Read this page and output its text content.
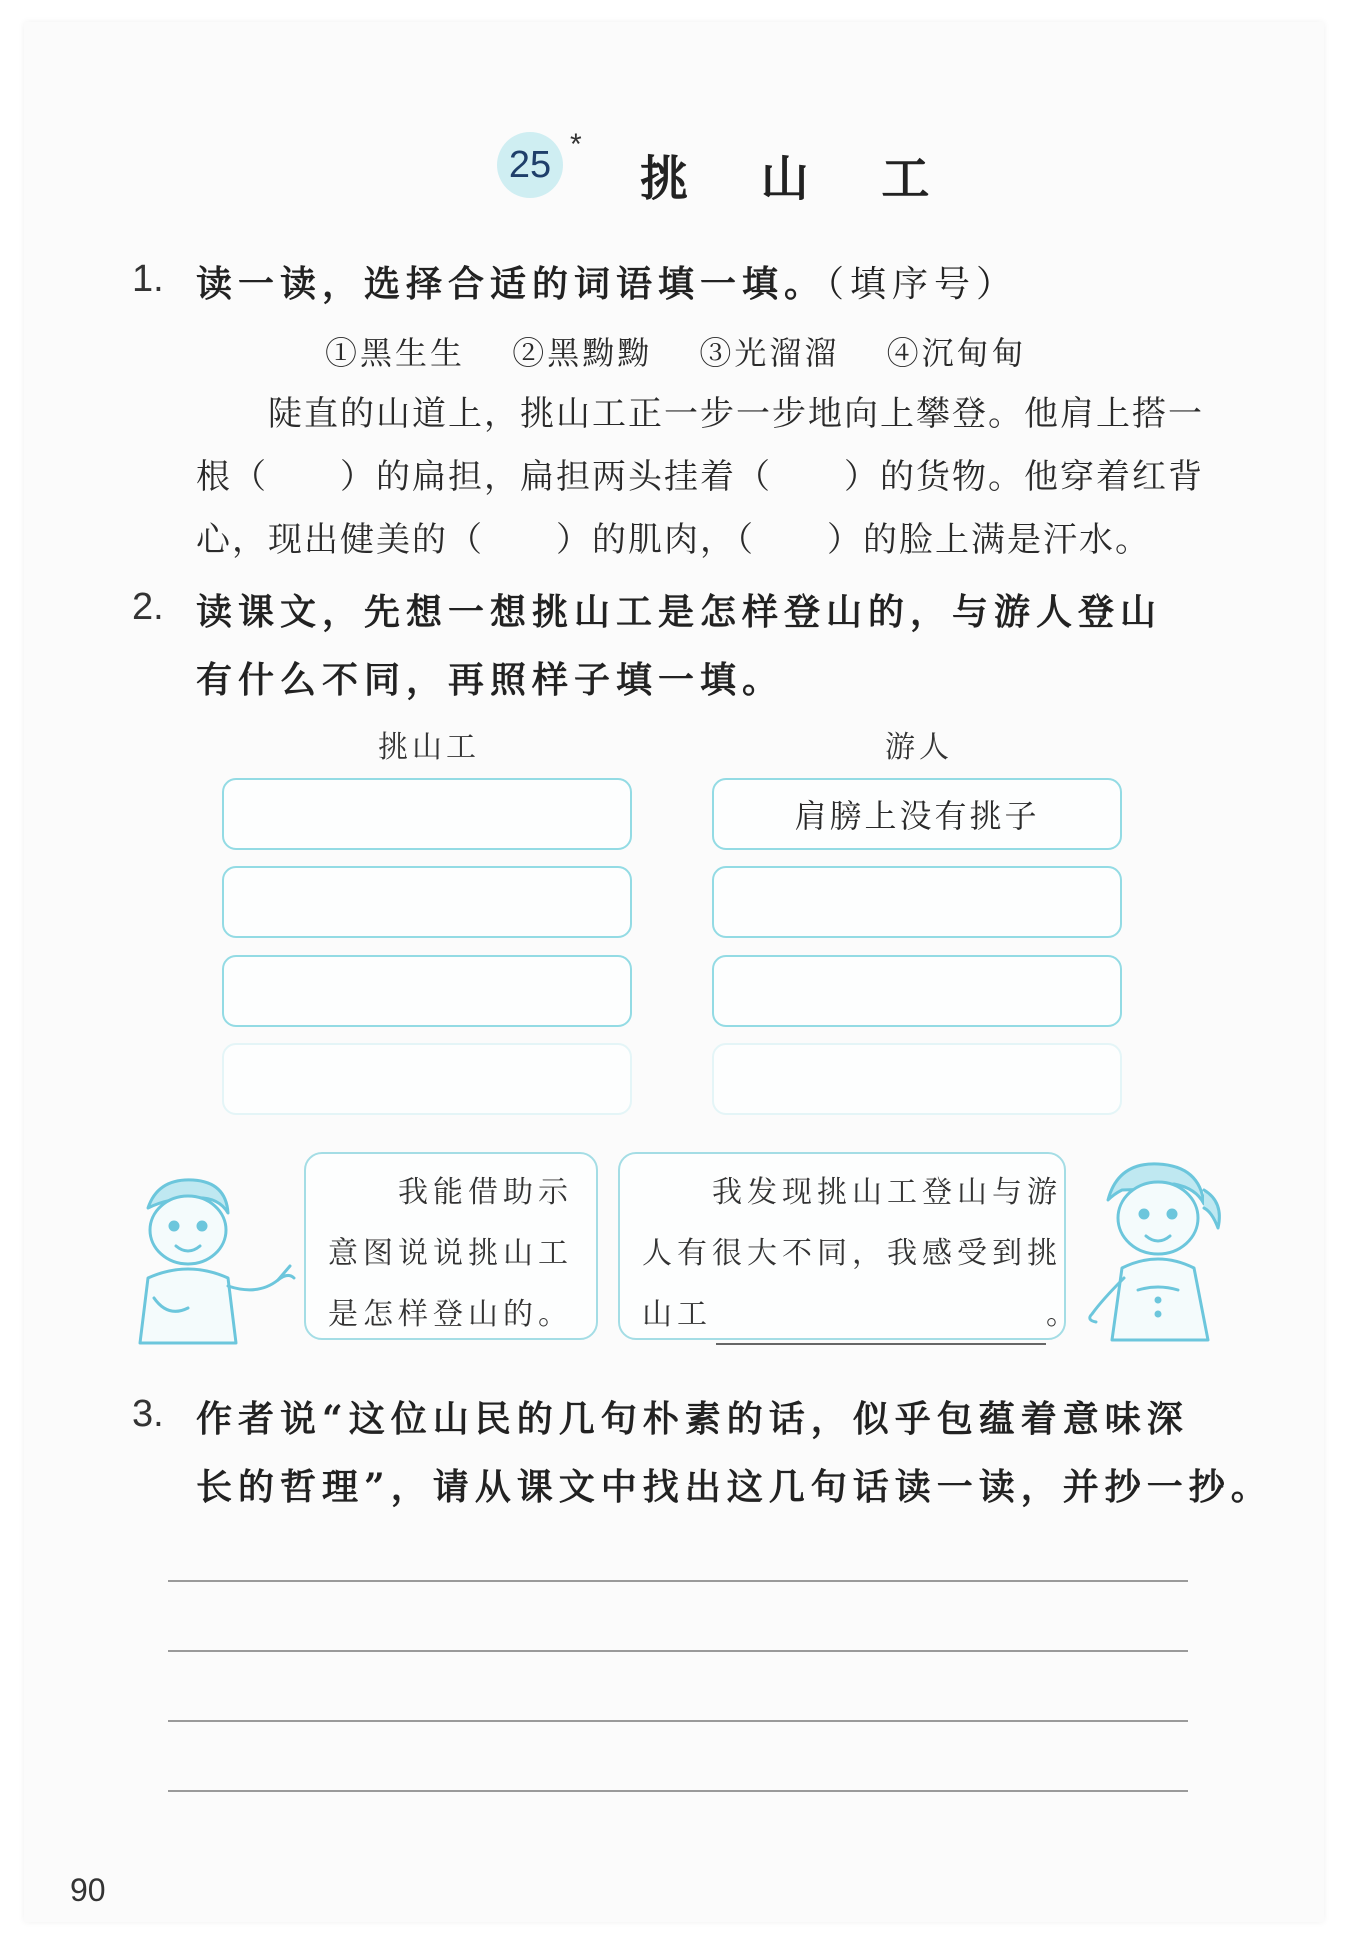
25 *
挑 山 工
1. 读一读，选择合适的词语填一填。（填序号）
①黑生生 ②黑黝黝 ③光溜溜 ④沉甸甸
陡直的山道上，挑山工正一步一步地向上攀登。他肩上搭一
根（　　）的扁担，扁担两头挂着（　　）的货物。他穿着红背
心，现出健美的（　　）的肌肉，（　　）的脸上满是汗水。
2. 读课文，先想一想挑山工是怎样登山的，与游人登山
有什么不同，再照样子填一填。
挑山工	游人
肩膀上没有挑子
我能借助示
意图说说挑山工
是怎样登山的。
我发现挑山工登山与游
人有很大不同，我感受到挑
山工	。
3. 作者说“这位山民的几句朴素的话，似乎包蕴着意味深
长的哲理”，请从课文中找出这几句话读一读，并抄一抄。
90
